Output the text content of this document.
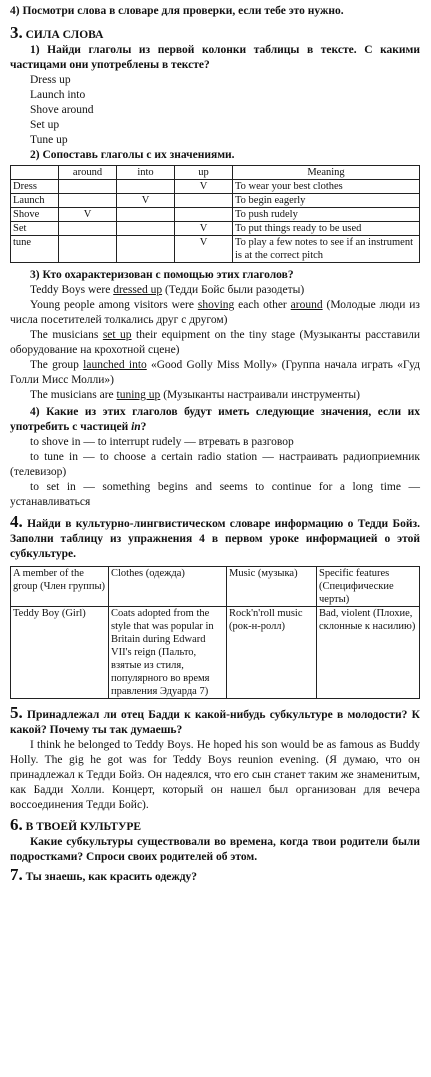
4) Посмотри слова в словаре для проверки, если тебе это нужно.

3. СИЛА СЛОВА

1) Найди глаголы из первой колонки таблицы в тексте. С какими частицами они употреблены в тексте?

Dress up

Launch into

Shove around

Set up

Tune up

2) Сопоставь глаголы с их значениями.

	around	into	up	Meaning
Dress			V	To wear your best clothes
Launch		V		To begin eagerly
Shove	V			To push rudely
Set			V	To put things ready to be used
tune			V	To play a few notes to see if an instrument is at the correct pitch

3) Кто охарактеризован с помощью этих глаголов?

Teddy Boys were dressed up (Тедди Бойс были разодеты)

Young people among visitors were shoving each other around (Молодые люди из числа посетителей толкались друг с другом)

The musicians set up their equipment on the tiny stage (Музыканты расставили оборудование на крохотной сцене)

The group launched into «Good Golly Miss Molly» (Группа начала играть «Гуд Голли Мисс Молли»)

The musicians are tuning up (Музыканты настраивали инструменты)

4) Какие из этих глаголов будут иметь следующие значения, если их употребить с частицей in?

to shove in — to interrupt rudely — втревать в разговор

to tune in — to choose a certain radio station — настраивать радиоприемник (телевизор)

to set in — something begins and seems to continue for a long time — устанавливаться

4. Найди в культурно-лингвистическом словаре информацию о Тедди Бойз. Заполни таблицу из упражнения 4 в первом уроке информацией о этой субкультуре.

A member of the group (Член группы)	Clothes (одежда)	Music (музыка)	Specific features (Специфические черты)
Teddy Boy (Girl)	Coats adopted from the style that was popular in Britain during Edward VII's reign (Пальто, взятые из стиля, популярного во время правления Эдуарда 7)	Rock'n'roll music (рок-н-ролл)	Bad, violent (Плохие, склонные к насилию)

5. Принадлежал ли отец Бадди к какой-нибудь субкультуре в молодости? К какой? Почему ты так думаешь?

I think he belonged to Teddy Boys. He hoped his son would be as famous as Buddy Holly. The gig he got was for Teddy Boys reunion evening. (Я думаю, что он принадлежал к Тедди Бойз. Он надеялся, что его сын станет таким же знаменитым, как Бадди Холли. Концерт, который он нашел был организован для вечера воссоединения Тедди Бойс).

6. В ТВОЕЙ КУЛЬТУРЕ

Какие субкультуры существовали во времена, когда твои родители были подростками? Спроси своих родителей об этом.

7. Ты знаешь, как красить одежду?
